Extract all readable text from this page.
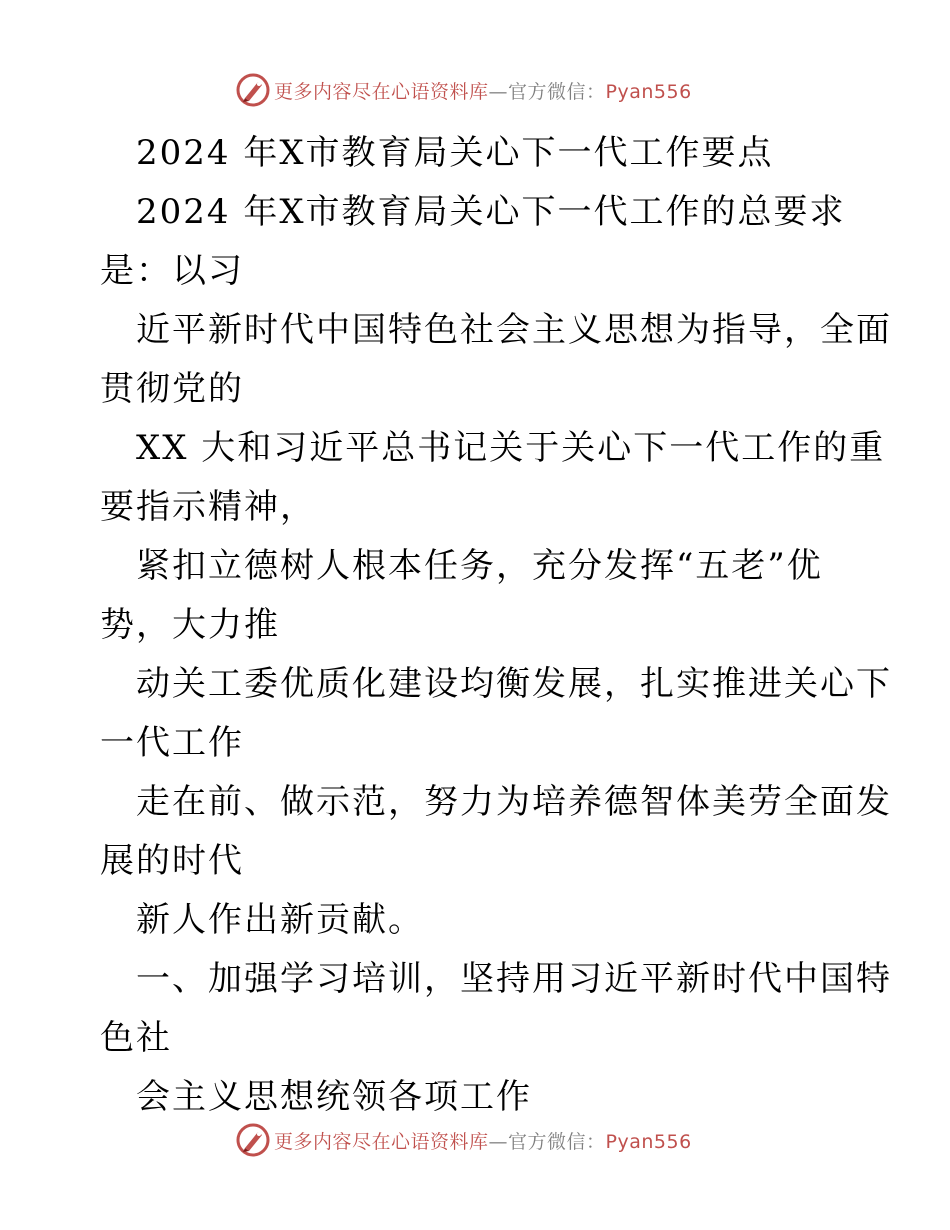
更多内容尽在心语资料库—官方微信：Pyan556
2024 年X市教育局关心下一代工作要点
2024 年X市教育局关心下一代工作的总要求
是：以习
近平新时代中国特色社会主义思想为指导，全面
贯彻党的
XX 大和习近平总书记关于关心下一代工作的重
要指示精神，
紧扣立德树人根本任务，充分发挥“五老”优
势，大力推
动关工委优质化建设均衡发展，扎实推进关心下
一代工作
走在前、做示范，努力为培养德智体美劳全面发
展的时代
新人作出新贡献。
一、加强学习培训，坚持用习近平新时代中国特
色社
会主义思想统领各项工作
更多内容尽在心语资料库—官方微信：Pyan556
